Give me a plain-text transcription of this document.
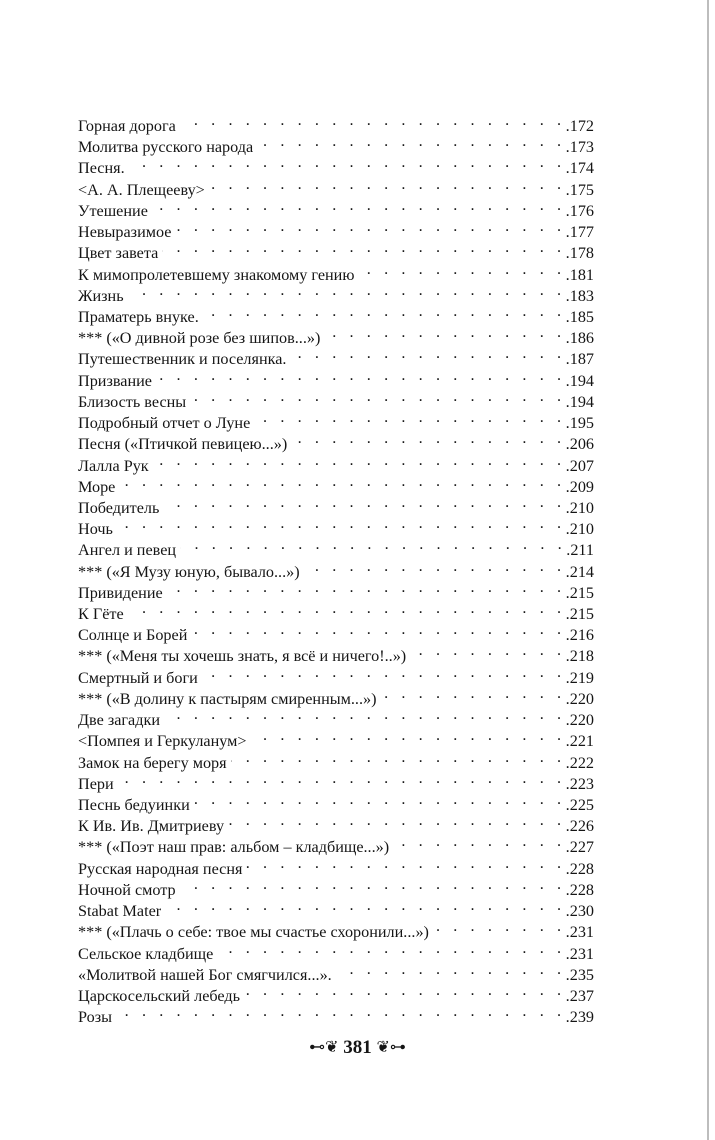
Горная дорога . . .	.172
Молитва русского народа . . .	.173
Песня. . . .	.174
<А. А. Плещееву> . . .	.175
Утешение . . .	.176
Невыразимое . . .	.177
Цвет завета . . .	.178
К мимопролетевшему знакомому гению . . .	.181
Жизнь . . .	.183
Праматерь внуке. . . .	.185
*** («О дивной розе без шипов...») . . .	.186
Путешественник и поселянка. . . .	.187
Призвание . . .	.194
Близость весны . . .	.194
Подробный отчет о Луне . . .	.195
Песня («Птичкой певицею...») . . .	.206
Лалла Рук . . .	.207
Море . . .	.209
Победитель . . .	.210
Ночь . . .	.210
Ангел и певец . . .	.211
*** («Я Музу юную, бывало...») . . .	.214
Привидение . . .	.215
К Гёте . . .	.215
Солнце и Борей . . .	.216
*** («Меня ты хочешь знать, я всё и ничего!..») . . .	.218
Смертный и боги . . .	.219
*** («В долину к пастырям смиренным...») . . .	.220
Две загадки . . .	.220
<Помпея и Геркуланум> . . .	.221
Замок на берегу моря . . .	.222
Пери . . .	.223
Песнь бедуинки . . .	.225
К Ив. Ив. Дмитриеву . . .	.226
*** («Поэт наш прав: альбом – кладбище...») . . .	.227
Русская народная песня . . .	.228
Ночной смотр . . .	.228
Stabat Mater . . .	.230
*** («Плачь о себе: твое мы счастье схоронили...») . . .	.231
Сельское кладбище . . .	.231
«Молитвой нашей Бог смягчился...». . . .	.235
Царскосельский лебедь . . .	.237
Розы . . .	.239
⊷❦ 381 ❦⊶
